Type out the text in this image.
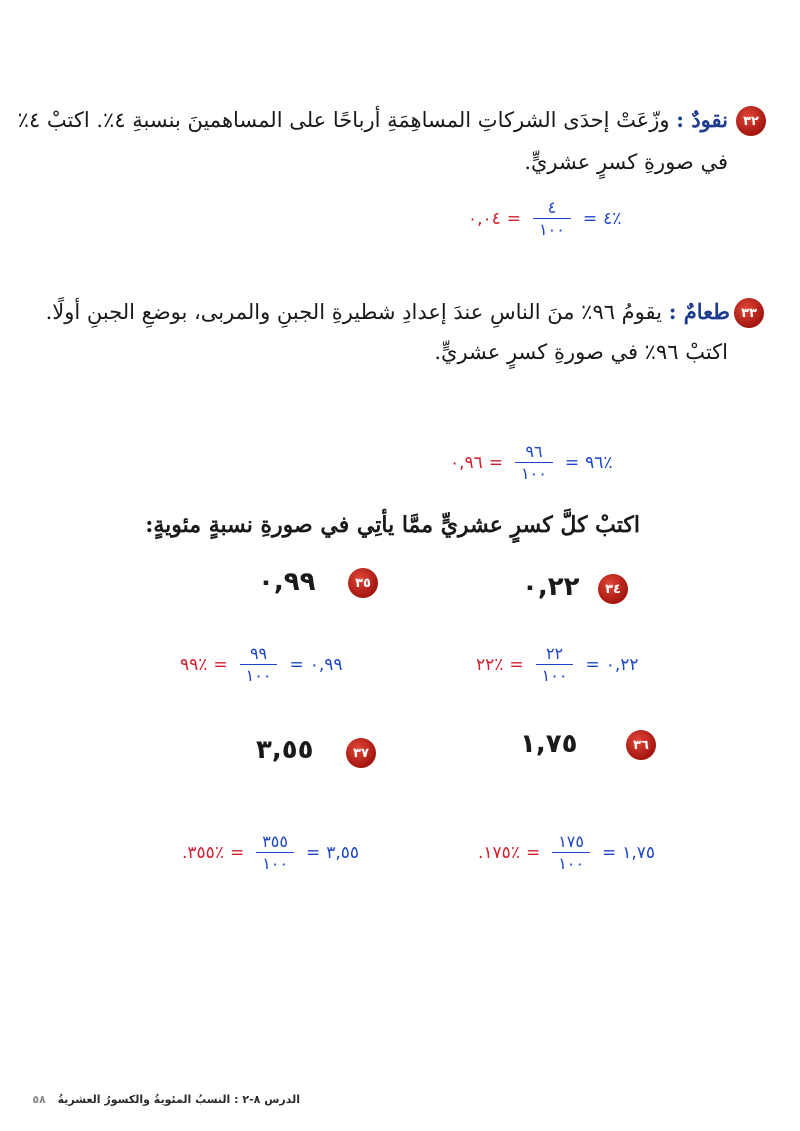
٣٢
نقودٌ : وزّعَتْ إحدَى الشركاتِ المساهِمَةِ أرباحًا على المساهمينَ بنسبةِ ٤٪. اكتبْ ٤٪
في صورةِ كسرٍ عشريٍّ.
٠,٠٤ = $\frac{٤}{١٠٠}$ = ٤٪
٣٣
طعامٌ : يقومُ ٩٦٪ منَ الناسِ عندَ إعدادِ شطيرةِ الجبنِ والمربى، بوضعِ الجبنِ أولًا.
اكتبْ ٩٦٪ في صورةِ كسرٍ عشريٍّ.
٠,٩٦ = $\frac{٩٦}{١٠٠}$ = ٩٦٪
اكتبْ كلَّ كسرٍ عشريٍّ ممَّا يأتِي في صورةِ نسبةٍ مئويةٍ:
٣٥
٠,٩٩	٣٤
٠,٢٢
٩٩٪ = $\frac{٩٩}{١٠٠}$ = ٠,٩٩	٢٢٪ = $\frac{٢٢}{١٠٠}$ = ٠,٢٢
٣٧
٣,٥٥	٣٦
١,٧٥
.٣٥٥٪ = $\frac{٣٥٥}{١٠٠}$ = ٣,٥٥	.١٧٥٪ = $\frac{١٧٥}{١٠٠}$ = ١,٧٥
الدرس ٨-٢ : النسبُ المئويةُ والكسورُ العشريةُ ٥٨
